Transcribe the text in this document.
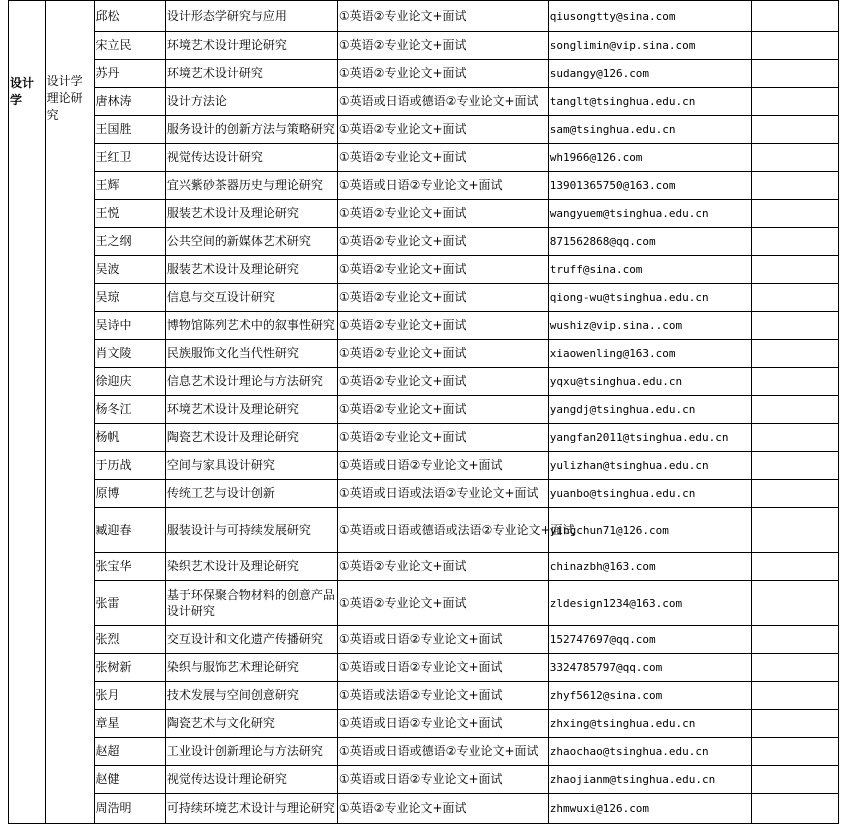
设计学	设计学理论研究	邱松	设计形态学研究与应用	①英语②专业论文+面试	qiusongtty@sina.com	
		宋立民	环境艺术设计理论研究	①英语②专业论文+面试	songlimin@vip.sina.com	
		苏丹	环境艺术设计研究	①英语②专业论文+面试	sudangy@126.com	
		唐林涛	设计方法论	①英语或日语或德语②专业论文+面试	tanglt@tsinghua.edu.cn	
		王国胜	服务设计的创新方法与策略研究	①英语②专业论文+面试	sam@tsinghua.edu.cn	
		王红卫	视觉传达设计研究	①英语②专业论文+面试	wh1966@126.com	
		王辉	宜兴紫砂茶器历史与理论研究	①英语或日语②专业论文+面试	13901365750@163.com	
		王悦	服装艺术设计及理论研究	①英语②专业论文+面试	wangyuem@tsinghua.edu.cn	
		王之纲	公共空间的新媒体艺术研究	①英语②专业论文+面试	871562868@qq.com	
		吴波	服装艺术设计及理论研究	①英语②专业论文+面试	truff@sina.com	
		吴琼	信息与交互设计研究	①英语②专业论文+面试	qiong-wu@tsinghua.edu.cn	
		吴诗中	博物馆陈列艺术中的叙事性研究	①英语②专业论文+面试	wushiz@vip.sina..com	
		肖文陵	民族服饰文化当代性研究	①英语②专业论文+面试	xiaowenling@163.com	
		徐迎庆	信息艺术设计理论与方法研究	①英语②专业论文+面试	yqxu@tsinghua.edu.cn	
		杨冬江	环境艺术设计及理论研究	①英语②专业论文+面试	yangdj@tsinghua.edu.cn	
		杨帆	陶瓷艺术设计及理论研究	①英语②专业论文+面试	yangfan2011@tsinghua.edu.cn	
		于历战	空间与家具设计研究	①英语或日语②专业论文+面试	yulizhan@tsinghua.edu.cn	
		原博	传统工艺与设计创新	①英语或日语或法语②专业论文+面试	yuanbo@tsinghua.edu.cn	
		臧迎春	服装设计与可持续发展研究	①英语或日语或德语或法语②专业论文+面试	yingchun71@126.com	
		张宝华	染织艺术设计及理论研究	①英语②专业论文+面试	chinazbh@163.com	
		张雷	基于环保聚合物材料的创意产品设计研究	①英语②专业论文+面试	zldesign1234@163.com	
		张烈	交互设计和文化遗产传播研究	①英语或日语②专业论文+面试	152747697@qq.com	
		张树新	染织与服饰艺术理论研究	①英语或日语②专业论文+面试	3324785797@qq.com	
		张月	技术发展与空间创意研究	①英语或法语②专业论文+面试	zhyf5612@sina.com	
		章星	陶瓷艺术与文化研究	①英语或日语②专业论文+面试	zhxing@tsinghua.edu.cn	
		赵超	工业设计创新理论与方法研究	①英语或日语或德语②专业论文+面试	zhaochao@tsinghua.edu.cn	
		赵健	视觉传达设计理论研究	①英语或日语②专业论文+面试	zhaojianm@tsinghua.edu.cn	
		周浩明	可持续环境艺术设计与理论研究	①英语②专业论文+面试	zhmwuxi@126.com	
